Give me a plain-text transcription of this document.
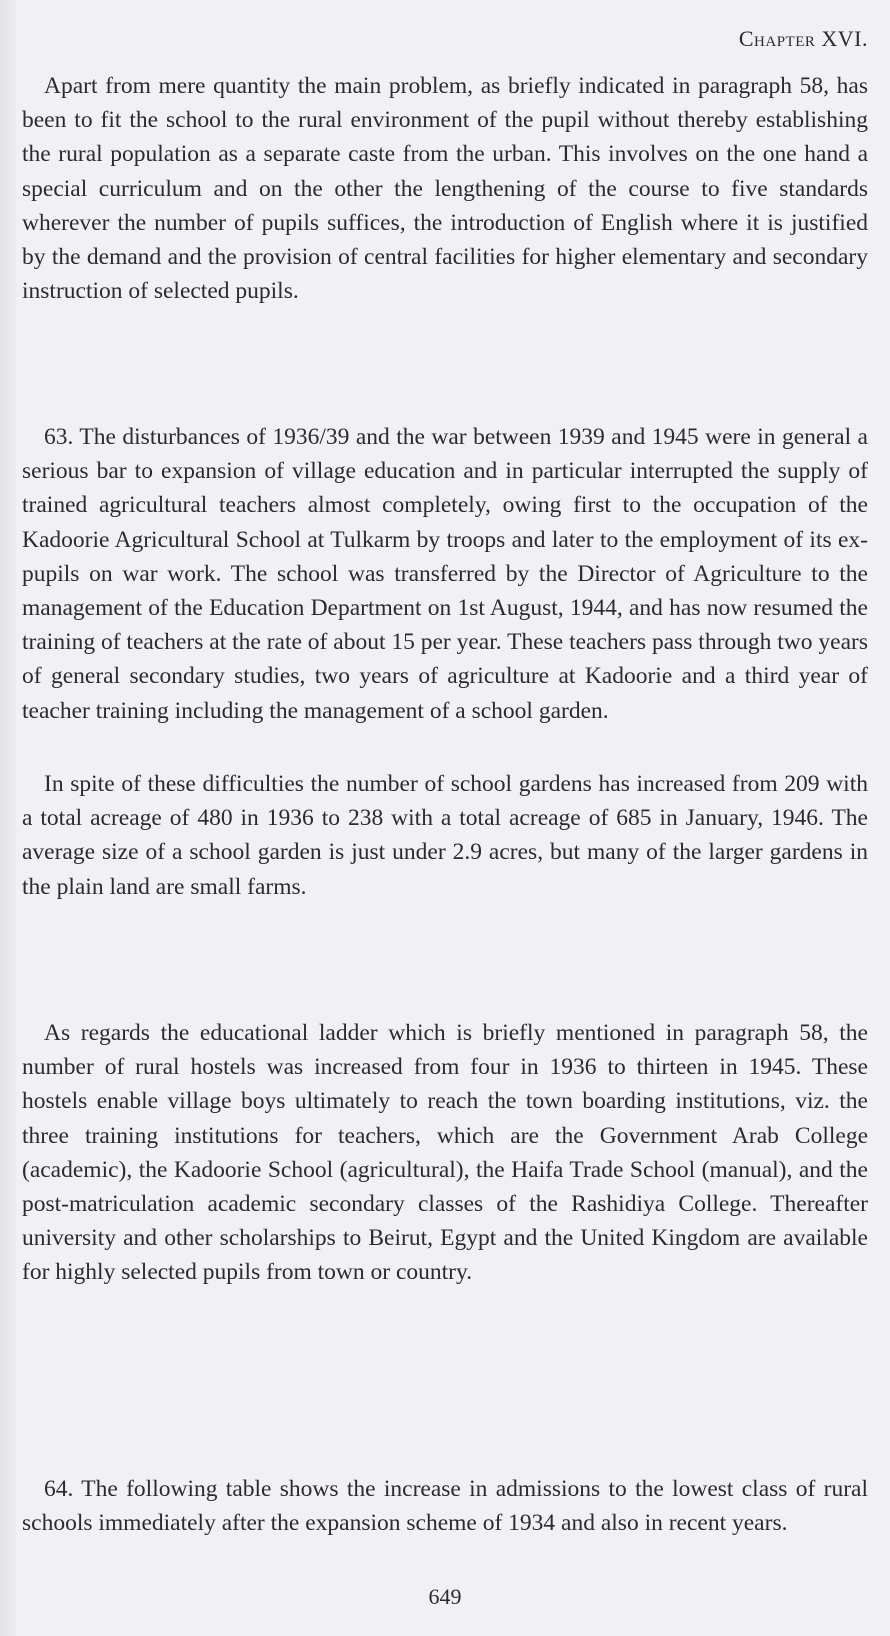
Chapter XVI.

Apart from mere quantity the main problem, as briefly indicated in paragraph 58, has been to fit the school to the rural environment of the pupil without thereby establishing the rural population as a separate caste from the urban. This involves on the one hand a special curriculum and on the other the lengthening of the course to five standards wherever the number of pupils suffices, the introduction of English where it is justified by the demand and the provision of central facilities for higher elementary and secondary instruction of selected pupils.

63. The disturbances of 1936/39 and the war between 1939 and 1945 were in general a serious bar to expansion of village education and in particular interrupted the supply of trained agricultural teachers almost completely, owing first to the occupation of the Kadoorie Agricultural School at Tulkarm by troops and later to the employment of its ex-pupils on war work. The school was transferred by the Director of Agriculture to the management of the Education Department on 1st August, 1944, and has now resumed the training of teachers at the rate of about 15 per year. These teachers pass through two years of general secondary studies, two years of agriculture at Kadoorie and a third year of teacher training including the management of a school garden.

In spite of these difficulties the number of school gardens has increased from 209 with a total acreage of 480 in 1936 to 238 with a total acreage of 685 in January, 1946. The average size of a school garden is just under 2.9 acres, but many of the larger gardens in the plain land are small farms.

As regards the educational ladder which is briefly mentioned in paragraph 58, the number of rural hostels was increased from four in 1936 to thirteen in 1945. These hostels enable village boys ultimately to reach the town boarding institutions, viz. the three training institutions for teachers, which are the Government Arab College (academic), the Kadoorie School (agricultural), the Haifa Trade School (manual), and the post-matriculation academic secondary classes of the Rashidiya College. Thereafter university and other scholarships to Beirut, Egypt and the United Kingdom are available for highly selected pupils from town or country.

64. The following table shows the increase in admissions to the lowest class of rural schools immediately after the expansion scheme of 1934 and also in recent years.

649
